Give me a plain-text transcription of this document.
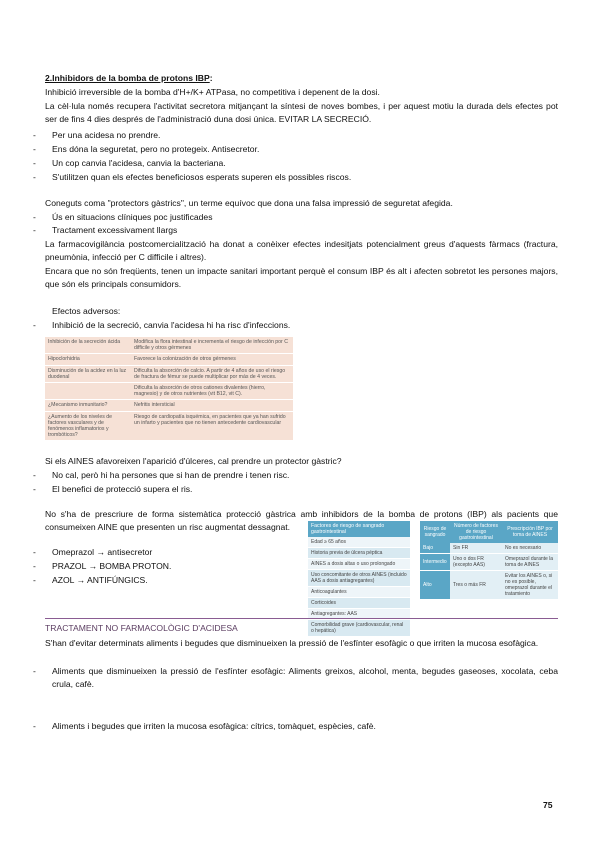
2.Inhibidors de la bomba de protons IBP:
Inhibició irreversible de la bomba d'H+/K+ ATPasa, no competitiva i depenent de la dosi.
La cèl·lula només recupera l'activitat secretora mitjançant la síntesi de noves bombes, i per aquest motiu la durada dels efectes pot ser de fins 4 dies després de l'administració duna dosi única. EVITAR LA SECRECIÓ.
- Per una acidesa no prendre.
- Ens dóna la seguretat, pero no protegeix. Antisecretor.
- Un cop canvia l'acidesa, canvia la bacteriana.
- S'utilitzen quan els efectes beneficiosos esperats superen els possibles riscos.
Coneguts coma "protectors gàstrics", un terme equívoc que dona una falsa impressió de seguretat afegida.
- Ús en situacions clíniques poc justificades
- Tractament excessivament llargs
La farmacovigilància postcomercialització ha donat a conèixer efectes indesitjats potencialment greus d'aquests fàrmacs (fractura, pneumònia, infecció per C difficile i altres).
Encara que no són freqüents, tenen un impacte sanitari important perquè el consum IBP és alt i afecten sobretot les persones majors, que són els principals consumidors.
Efectos adversos:
- Inhibició de la secreció, canvia l'acidesa hi ha risc d'infeccions.
Inhibición de la secreción ácida	Modifica la flora intestinal e incrementa el riesgo de infección por C difficile y otros gérmenes
Hipoclorhidria	Favorece la colonización de otros gérmenes
Disminución de la acidez en la luz duodenal	Dificulta la absorción de calcio. A partir de 4 años de uso el riesgo de fractura de fémur se puede multiplicar por más de 4 veces.
	Dificulta la absorción de otros cationes divalentes (hierro, magnesio) y de otros nutrientes (vit B12, vit C).
¿Mecanismo inmunitario?	Nefritis intersticial
¿Aumento de los niveles de factores vasculares y de fenómenos inflamatorios y trombóticos?	Riesgo de cardiopatía isquémica, en pacientes que ya han sufrido un infarto y pacientes que no tienen antecedente cardiovascular
Si els AINES afavoreixen l'aparició d'úlceres, cal prendre un protector gàstric?
- No cal, però hi ha persones que si han de prendre i tenen risc.
- El benefici de protecció supera el ris.
No s'ha de prescriure de forma sistemàtica protecció gàstrica amb inhibidors de la bomba de protons (IBP) als pacients que consumeixen AINE que presenten un risc augmentat dessagnat.
- Omeprazol → antisecretor
- PRAZOL → BOMBA PROTON.
- AZOL → ANTIFÚNGICS.
Factores de riesgo de sangrado gastrointestinal
Edad ≥ 65 años
Historia previa de úlcera péptica
AINES a dosis altas o uso prolongado
Uso concomitante de otros AINES (incluido AAS a dosis antiagregantes)
Anticoagulantes
Corticoides
Antiagregantes: AAS
Comorbilidad grave (cardiovascular, renal o hepática)
Riesgo de sangrado	Número de factores de riesgo gastrointestinal	Prescripción IBP por toma de AINES
Bajo	Sin FR	No es necesario
Intermedio	Uno o dos FR (excepto AAS)	Omeprazol durante la toma de AINES
Alto	Tres o más FR	Evitar los AINES o, si no es posible, omeprazol durante el tratamiento
TRACTAMENT NO FARMACOLÒGIC D'ACIDESA
S'han d'evitar determinats aliments i begudes que disminueixen la pressió de l'esfínter esofàgic o que irriten la mucosa esofàgica.
- Aliments que disminueixen la pressió de l'esfínter esofàgic: Aliments greixos, alcohol, menta, begudes gaseoses, xocolata, ceba crula, cafè.
- Aliments i begudes que irriten la mucosa esofàgica: cítrics, tomàquet, espècies, cafè.
75
